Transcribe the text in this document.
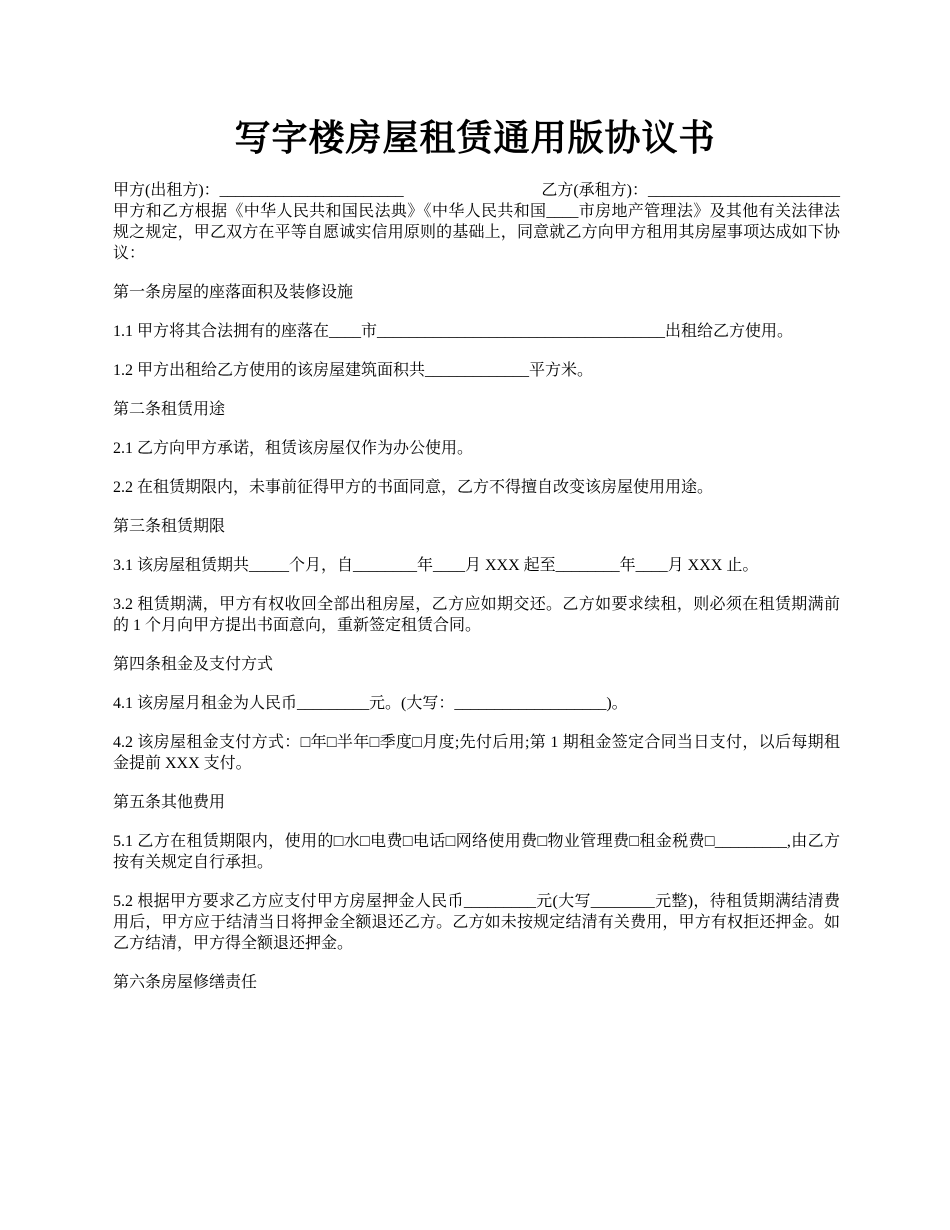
写字楼房屋租赁通用版协议书
甲方(出租方)：_______________________	乙方(承租方)：________________________

甲方和乙方根据《中华人民共和国民法典》《中华人民共和国____市房地产管理法》及其他有关法律法规之规定，甲乙双方在平等自愿诚实信用原则的基础上，同意就乙方向甲方租用其房屋事项达成如下协议：

第一条房屋的座落面积及装修设施

1.1 甲方将其合法拥有的座落在____市____________________________________出租给乙方使用。

1.2 甲方出租给乙方使用的该房屋建筑面积共_____________平方米。

第二条租赁用途

2.1 乙方向甲方承诺，租赁该房屋仅作为办公使用。

2.2 在租赁期限内，未事前征得甲方的书面同意，乙方不得擅自改变该房屋使用用途。

第三条租赁期限

3.1 该房屋租赁期共_____个月，自________年____月 XXX 起至________年____月 XXX 止。

3.2 租赁期满，甲方有权收回全部出租房屋，乙方应如期交还。乙方如要求续租，则必须在租赁期满前的 1 个月向甲方提出书面意向，重新签定租赁合同。

第四条租金及支付方式

4.1 该房屋月租金为人民币_________元。(大写：___________________)。

4.2 该房屋租金支付方式：□年□半年□季度□月度;先付后用;第 1 期租金签定合同当日支付，以后每期租金提前 XXX 支付。

第五条其他费用

5.1 乙方在租赁期限内，使用的□水□电费□电话□网络使用费□物业管理费□租金税费□_________,由乙方按有关规定自行承担。

5.2 根据甲方要求乙方应支付甲方房屋押金人民币_________元(大写________元整)，待租赁期满结清费用后，甲方应于结清当日将押金全额退还乙方。乙方如未按规定结清有关费用，甲方有权拒还押金。如乙方结清，甲方得全额退还押金。

第六条房屋修缮责任
